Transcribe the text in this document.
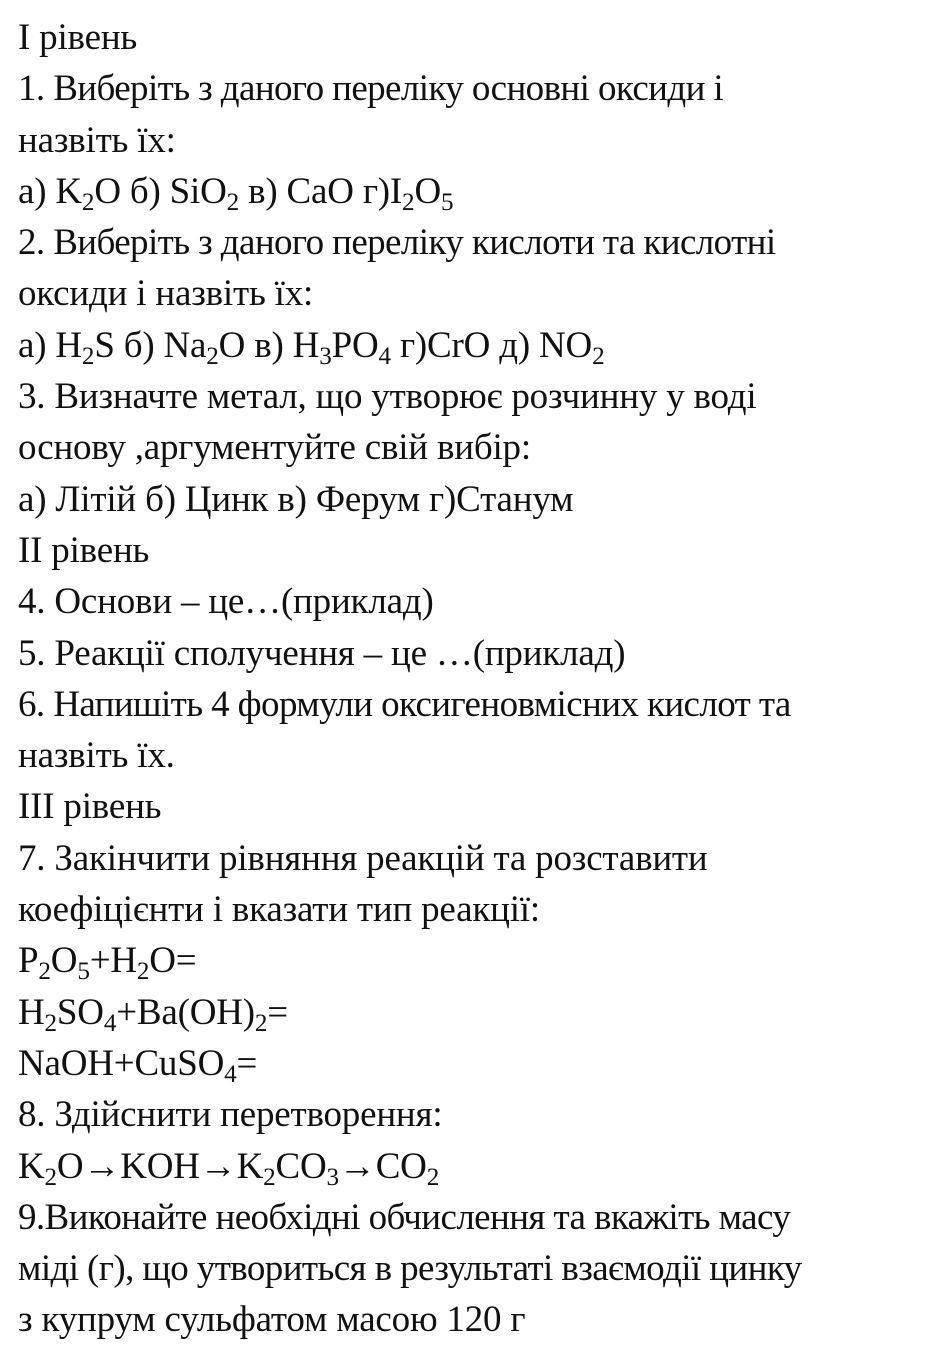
І рівень
1. Виберіть з даного переліку основні оксиди і
назвіть їх:
а) $K_2O$ б) SiO$_2$ в) CaO $г)I_2O_5$
2. Виберіть з даного переліку кислоти та кислотні
оксиди і назвіть їх:
а) $H_2S$ б) $Na_2O$ в) $H_3PO_4$ г)CrO д) $NO_2$
3. Визначте метал, що утворює розчинну у воді
основу ,аргументуйте свій вибір:
а) Літій б) Цинк в) Ферум г)Станум
ІІ рівень
4. Основи – це…(приклад)
5. Реакції сполучення – це …(приклад)
6. Напишіть 4 формули оксигеновмісних кислот та
назвіть їх.
ІІІ рівень
7. Закінчити рівняння реакцій та розставити
коефіцієнти і вказати тип реакції:
$P_2O_5+H_2O=$
$H_2SO_4+Ba(OH)_2=$
NaOH+CuSO$_4$=
8. Здійснити перетворення:
$K_2O\to KOH\to K_2CO_3\to CO_2$
9.Виконайте необхідні обчислення та вкажіть масу
міді (г), що утвориться в результаті взаємодії цинку
з купрум сульфатом масою 120 г
